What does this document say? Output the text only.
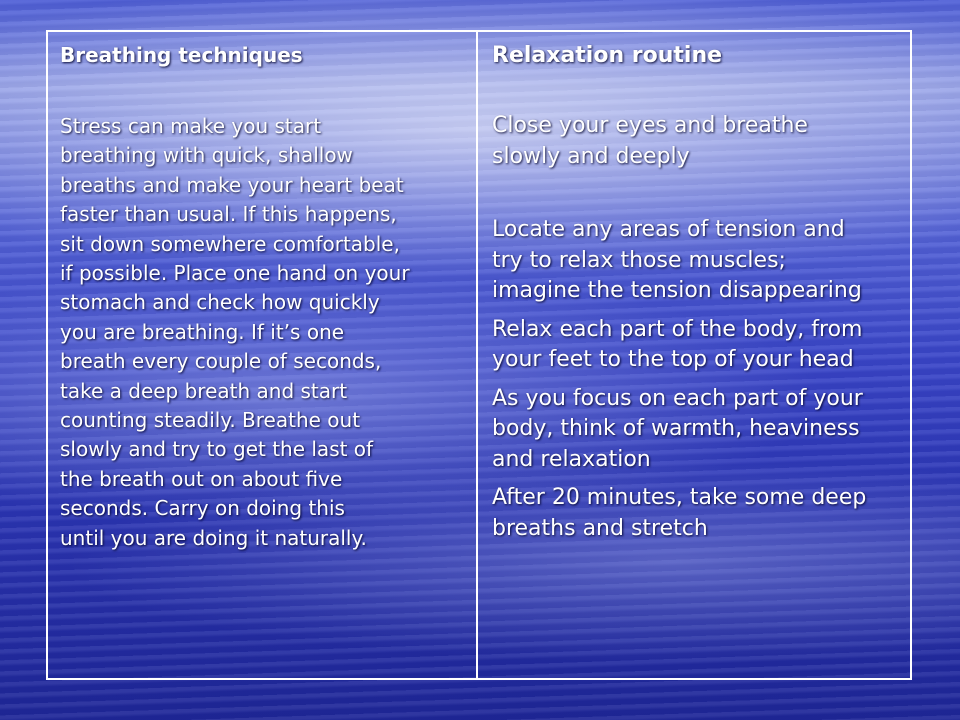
Breathing techniques

Stress can make you start
breathing with quick, shallow
breaths and make your heart beat
faster than usual. If this happens,
sit down somewhere comfortable,
if possible. Place one hand on your
stomach and check how quickly
you are breathing. If it’s one
breath every couple of seconds,
take a deep breath and start
counting steadily. Breathe out
slowly and try to get the last of
the breath out on about five
seconds. Carry on doing this
until you are doing it naturally.

Relaxation routine

Close your eyes and breathe
slowly and deeply

Locate any areas of tension and
try to relax those muscles;
imagine the tension disappearing

Relax each part of the body, from
your feet to the top of your head

As you focus on each part of your
body, think of warmth, heaviness
and relaxation

After 20 minutes, take some deep
breaths and stretch
